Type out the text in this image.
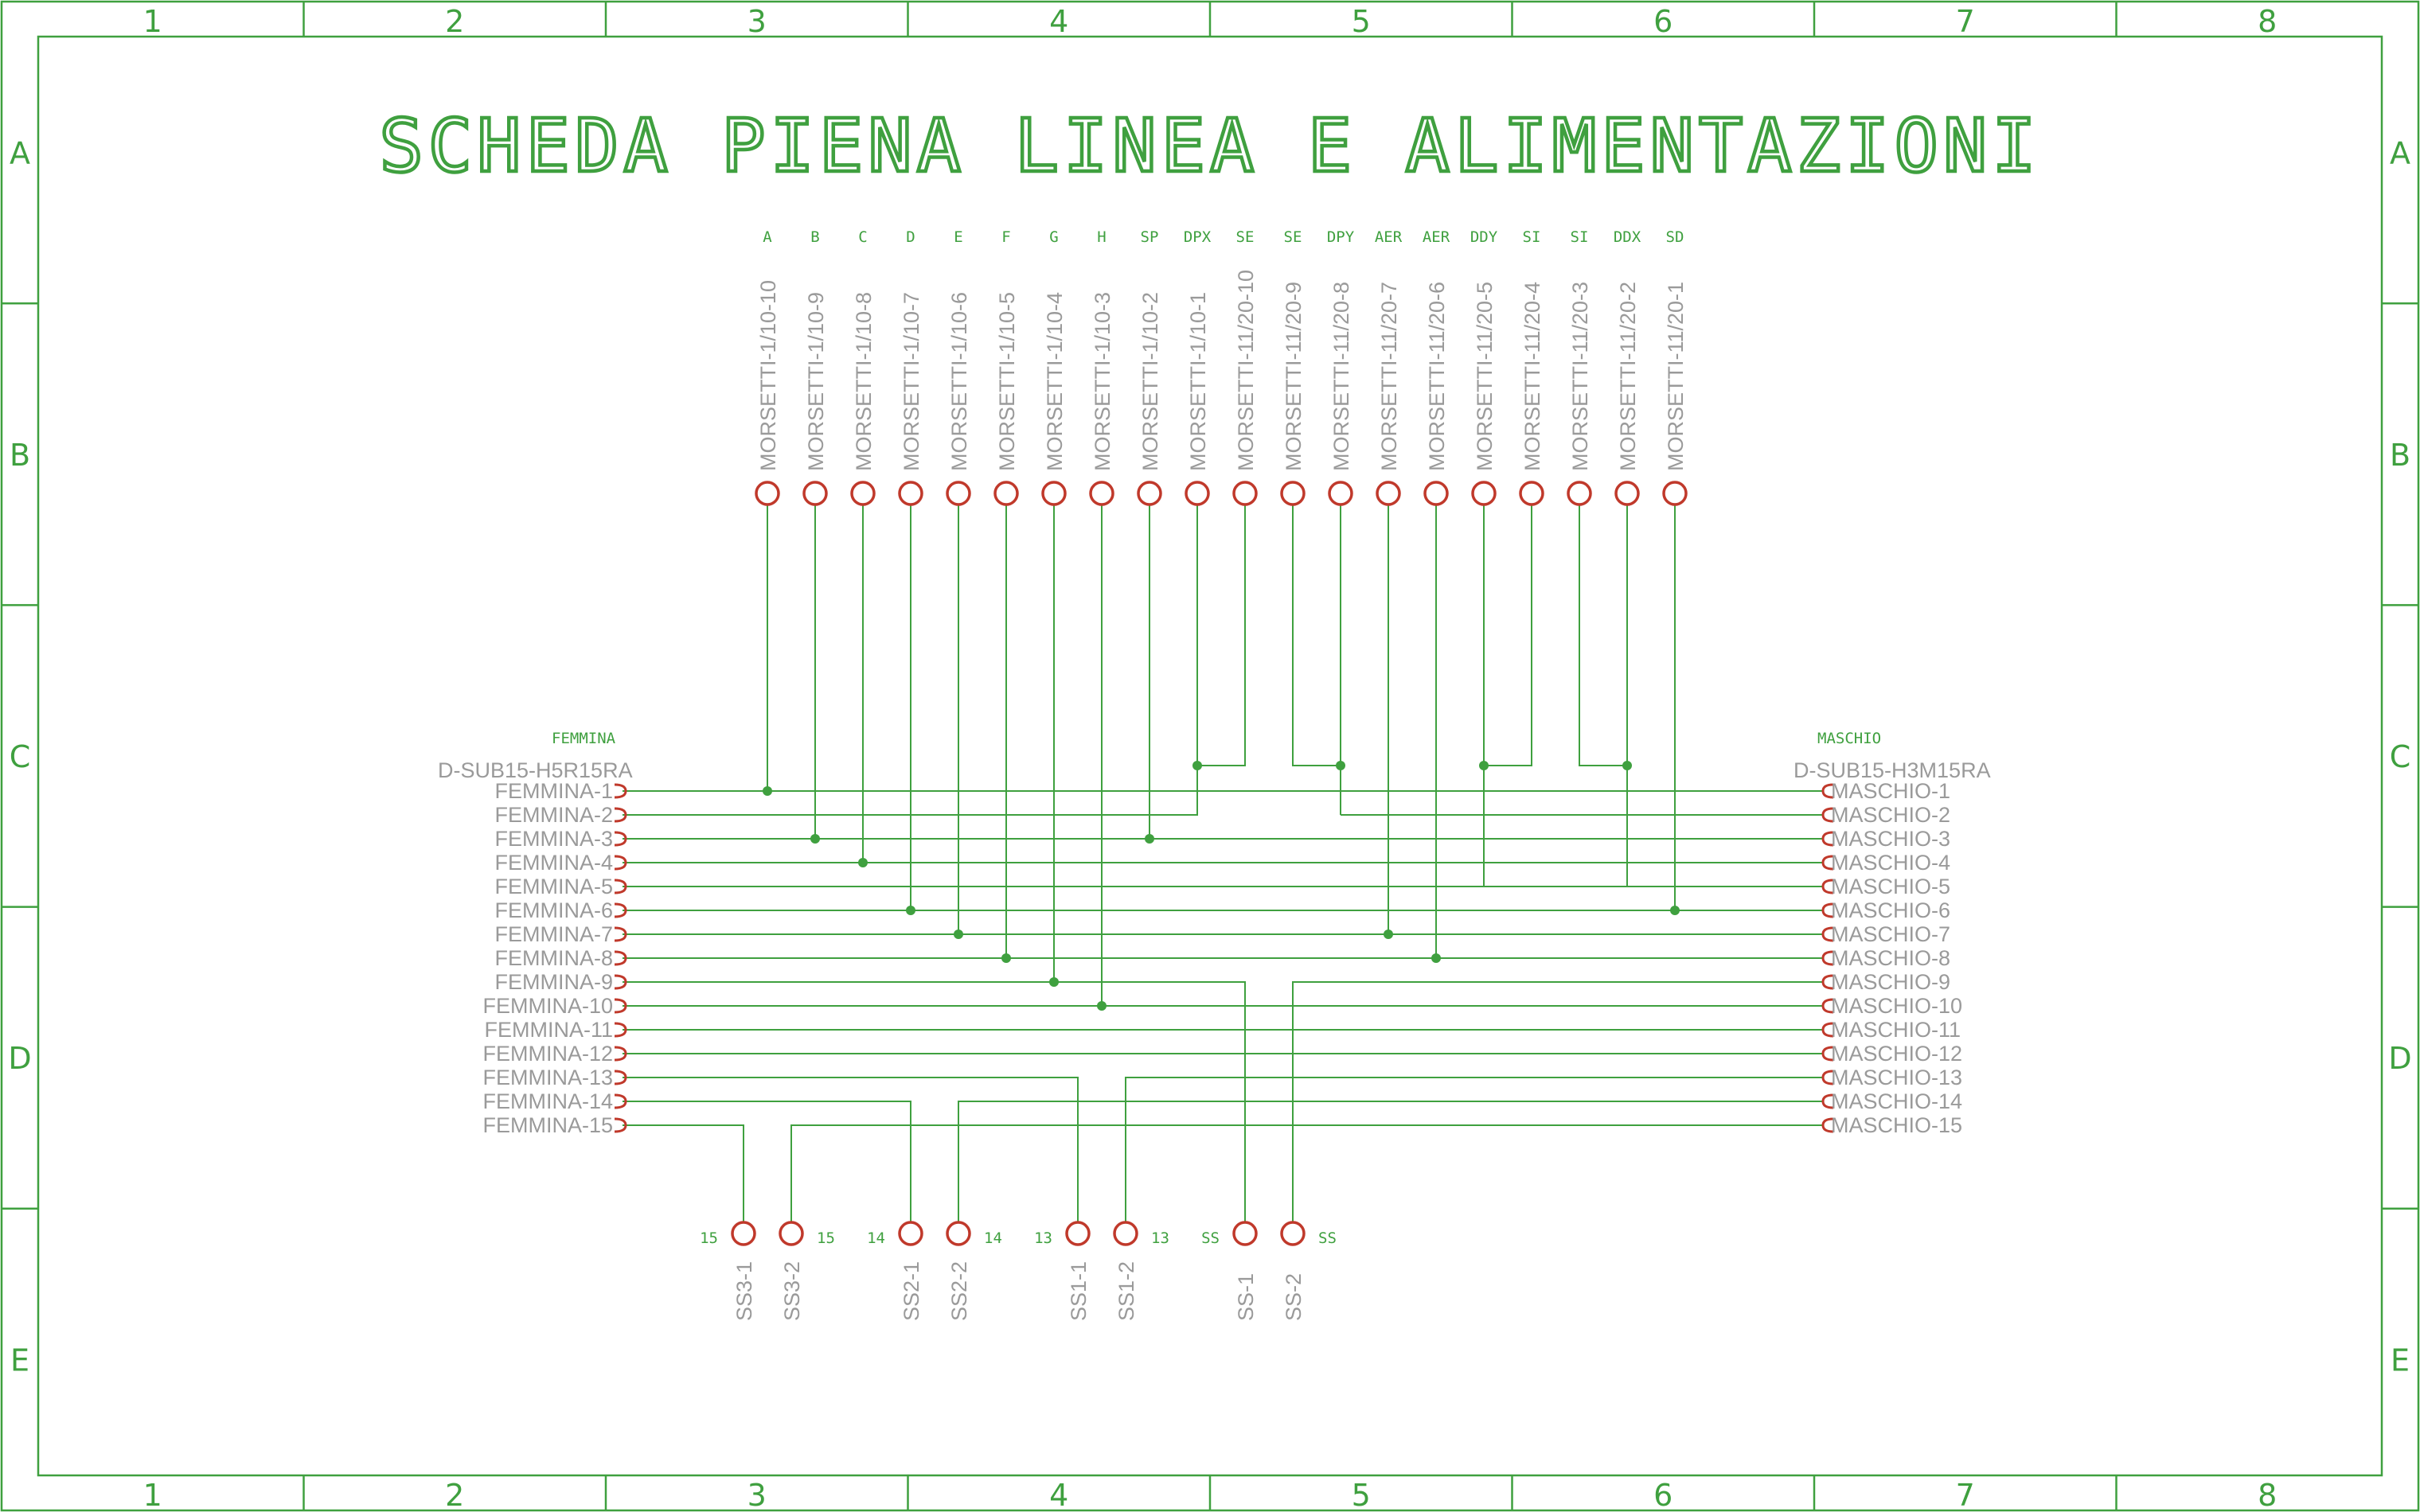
1
1
2
2
3
3
4
4
5
5
6
6
7
7
8
8
A	A
B	B
C	C
D	D
E	E
SCHEDA PIENA LINEA E ALIMENTAZIONI
FEMMINA
D-SUB15-H5R15RA
FEMMINA-1
FEMMINA-2
FEMMINA-3
FEMMINA-4
FEMMINA-5
FEMMINA-6
FEMMINA-7
FEMMINA-8
FEMMINA-9
FEMMINA-10
FEMMINA-11
FEMMINA-12
FEMMINA-13
FEMMINA-14
FEMMINA-15
MASCHIO
D-SUB15-H3M15RA
MASCHIO-1
MASCHIO-2
MASCHIO-3
MASCHIO-4
MASCHIO-5
MASCHIO-6
MASCHIO-7
MASCHIO-8
MASCHIO-9
MASCHIO-10
MASCHIO-11
MASCHIO-12
MASCHIO-13
MASCHIO-14
MASCHIO-15
A
MORSETTI-1/10-10
B
MORSETTI-1/10-9
C
MORSETTI-1/10-8
D
MORSETTI-1/10-7
E
MORSETTI-1/10-6
F
MORSETTI-1/10-5
G
MORSETTI-1/10-4
H
MORSETTI-1/10-3
SP
MORSETTI-1/10-2
DPX
MORSETTI-1/10-1
SE
MORSETTI-11/20-10
SE
MORSETTI-11/20-9
DPY
MORSETTI-11/20-8
AER
MORSETTI-11/20-7
AER
MORSETTI-11/20-6
DDY
MORSETTI-11/20-5
SI
MORSETTI-11/20-4
SI
MORSETTI-11/20-3
DDX
MORSETTI-11/20-2
SD
MORSETTI-11/20-1
15
SS3-1
15
SS3-2
14
SS2-1
14
SS2-2
13
SS1-1
13
SS1-2
SS
SS-1
SS
SS-2
